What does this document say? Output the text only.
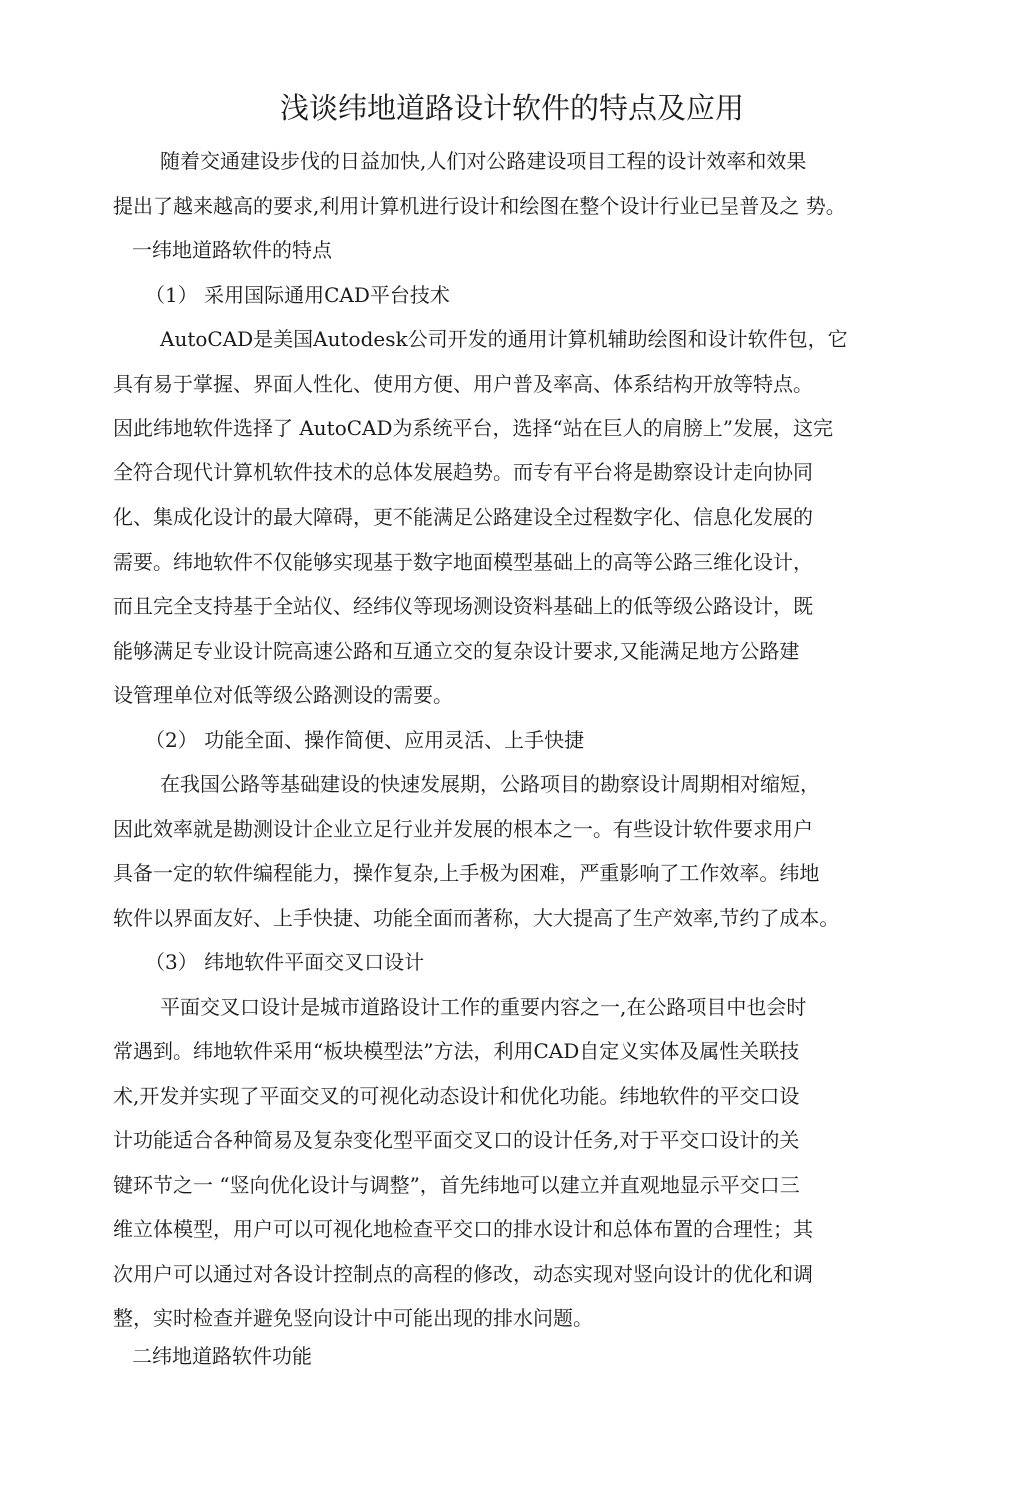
浅谈纬地道路设计软件的特点及应用
随着交通建设步伐的日益加快,人们对公路建设项目工程的设计效率和效果
提出了越来越高的要求,利用计算机进行设计和绘图在整个设计行业已呈普及之 势。
一纬地道路软件的特点
（1） 采用国际通用CAD平台技术
AutoCAD是美国Autodesk公司开发的通用计算机辅助绘图和设计软件包，它
具有易于掌握、界面人性化、使用方便、用户普及率高、体系结构开放等特点。
因此纬地软件选择了 AutoCAD为系统平台，选择“站在巨人的肩膀上”发展，这完
全符合现代计算机软件技术的总体发展趋势。而专有平台将是勘察设计走向协同
化、集成化设计的最大障碍，更不能满足公路建设全过程数字化、信息化发展的
需要。纬地软件不仅能够实现基于数字地面模型基础上的高等公路三维化设计，
而且完全支持基于全站仪、经纬仪等现场测设资料基础上的低等级公路设计，既
能够满足专业设计院高速公路和互通立交的复杂设计要求,又能满足地方公路建
设管理单位对低等级公路测设的需要。
（2） 功能全面、操作简便、应用灵活、上手快捷
在我国公路等基础建设的快速发展期，公路项目的勘察设计周期相对缩短，
因此效率就是勘测设计企业立足行业并发展的根本之一。有些设计软件要求用户
具备一定的软件编程能力，操作复杂,上手极为困难，严重影响了工作效率。纬地
软件以界面友好、上手快捷、功能全面而著称，大大提高了生产效率,节约了成本。
（3） 纬地软件平面交叉口设计
平面交叉口设计是城市道路设计工作的重要内容之一,在公路项目中也会时
常遇到。纬地软件采用“板块模型法”方法，利用CAD自定义实体及属性关联技
术,开发并实现了平面交叉的可视化动态设计和优化功能。纬地软件的平交口设
计功能适合各种简易及复杂变化型平面交叉口的设计任务,对于平交口设计的关
键环节之一 “竖向优化设计与调整”，首先纬地可以建立并直观地显示平交口三
维立体模型，用户可以可视化地检查平交口的排水设计和总体布置的合理性；其
次用户可以通过对各设计控制点的高程的修改，动态实现对竖向设计的优化和调
整，实时检查并避免竖向设计中可能出现的排水问题。
二纬地道路软件功能
